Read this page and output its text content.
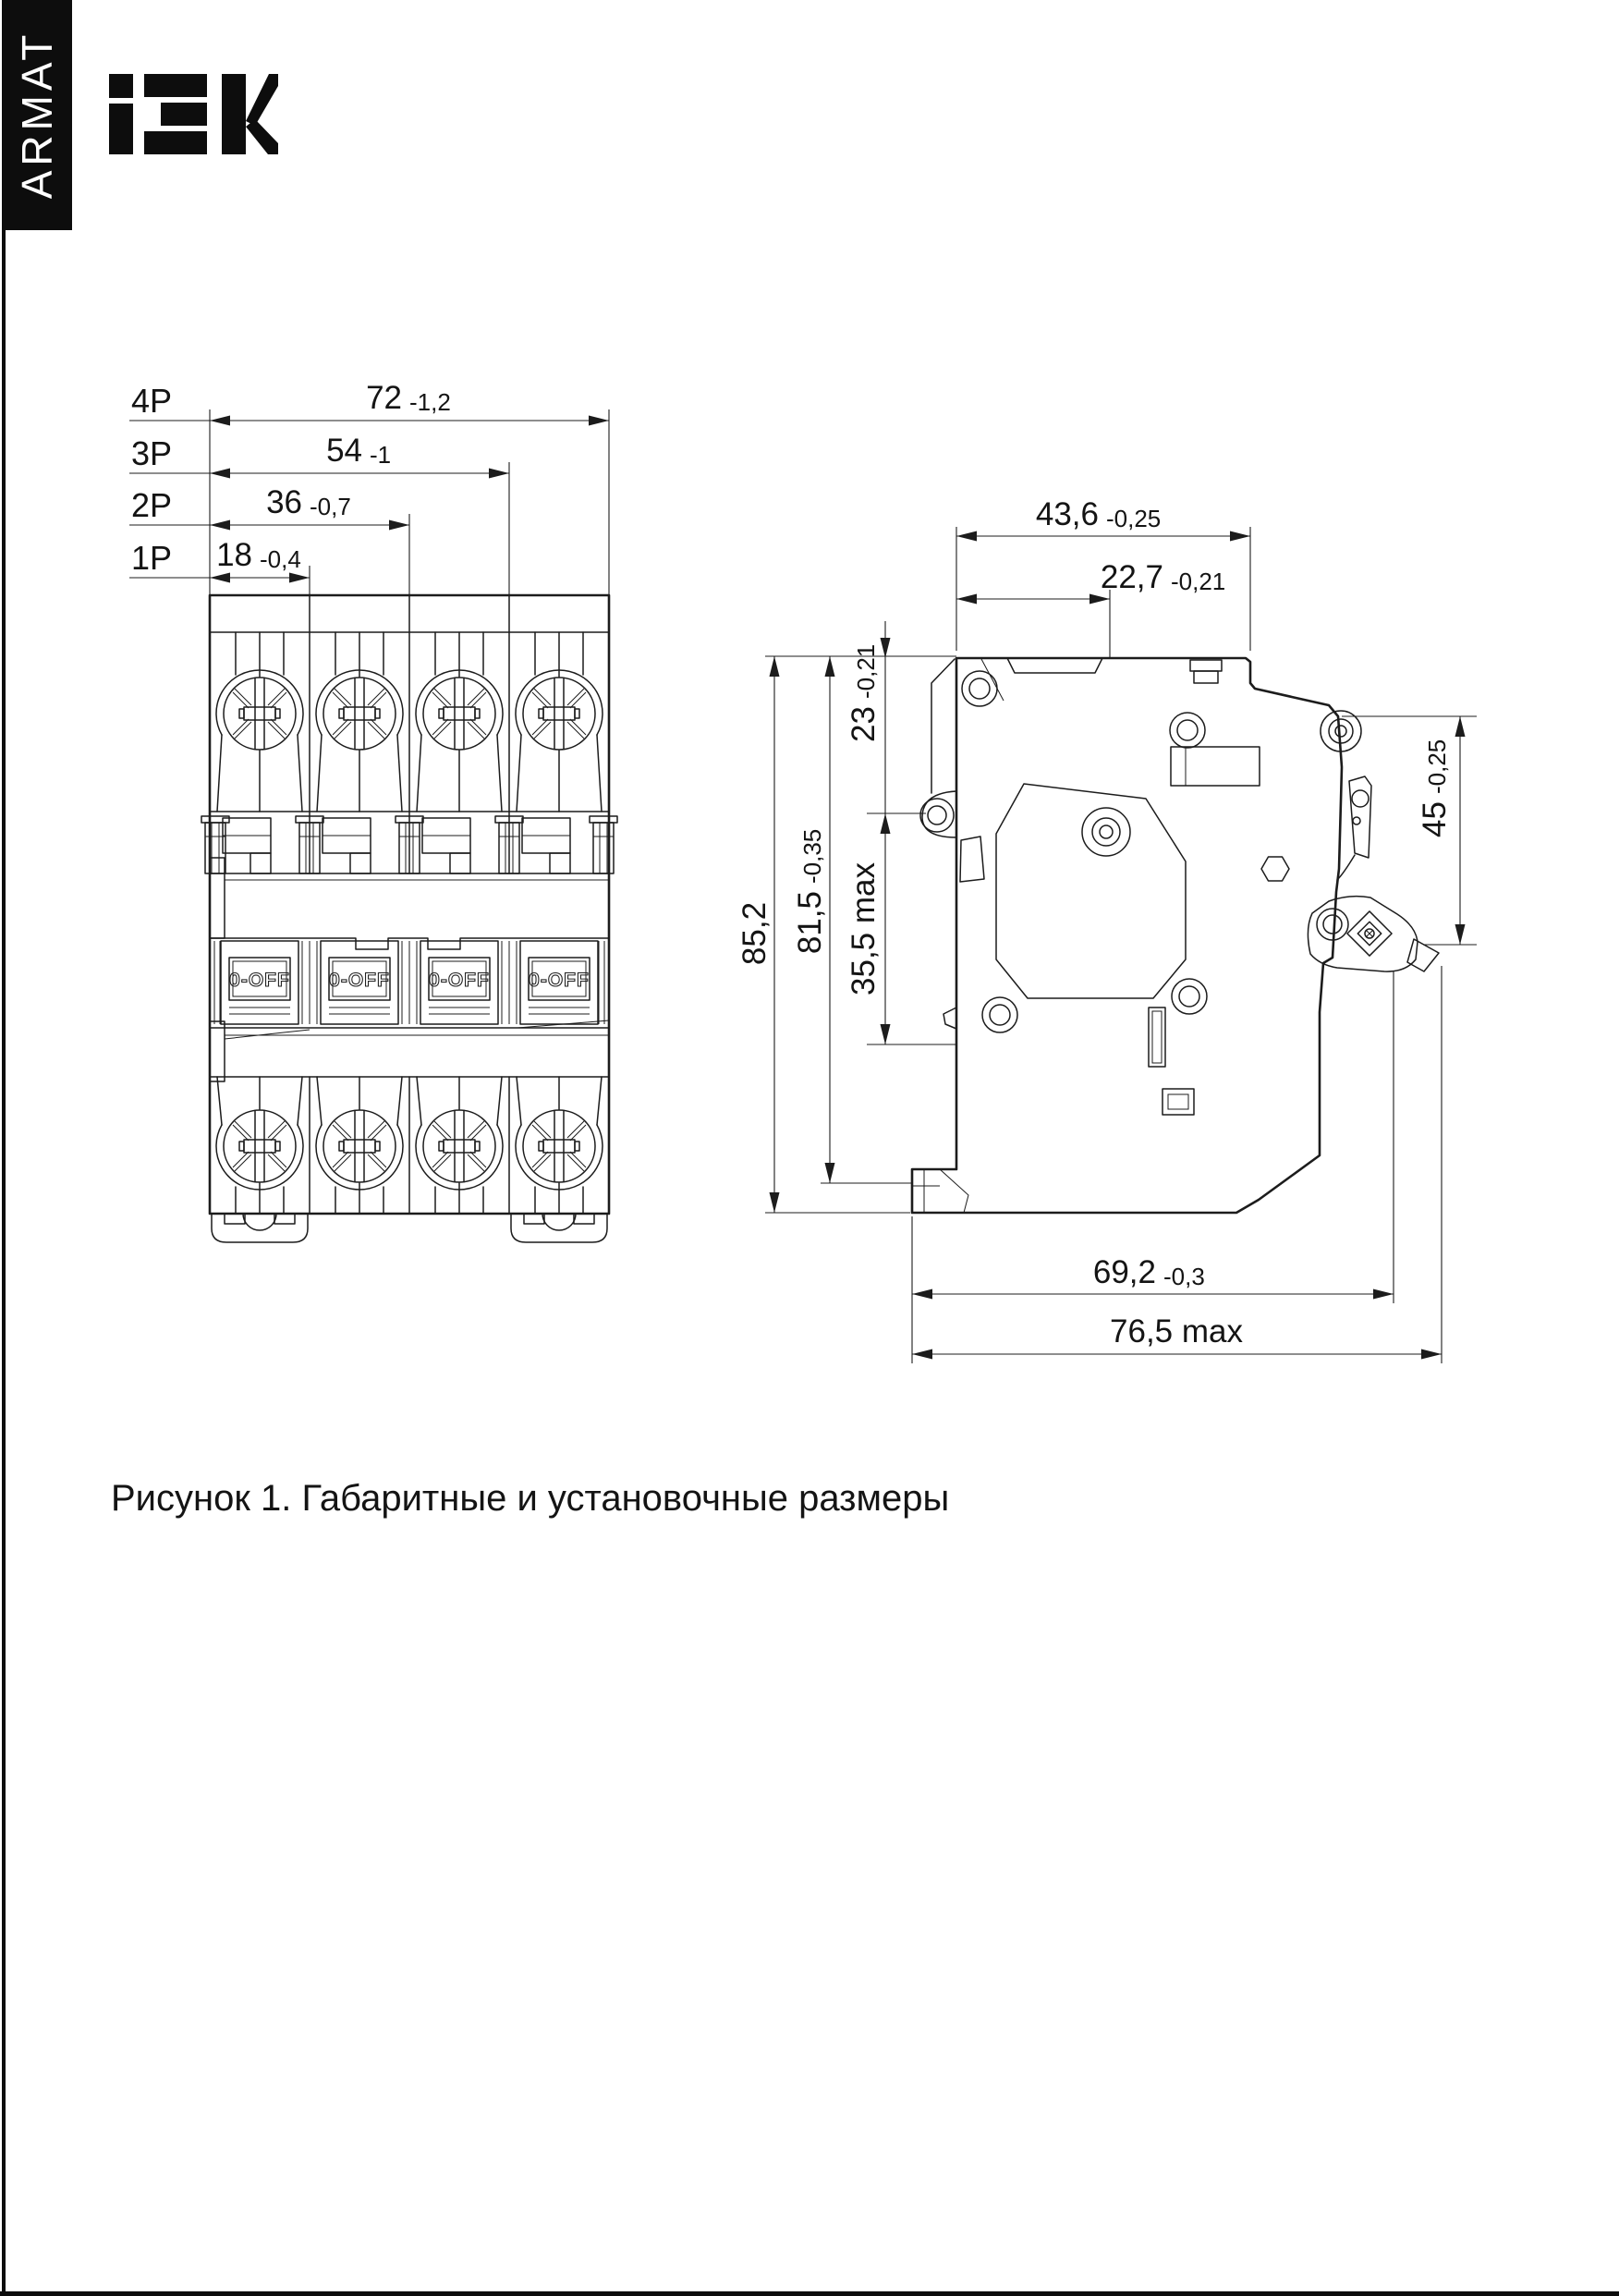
ARMAT
0-OFF 0-OFF 0-OFF 0-OFF
4P	72 -1,2
3P	54 -1
2P	36 -0,7
1P 18 -0,4
43,6 -0,25
22,7 -0,21
23
-0,21
35,5 max
85,2 81,5
-0,35
45
-0,25
69,2 -0,3
76,5 max
Рисунок 1. Габаритные и установочные размеры
